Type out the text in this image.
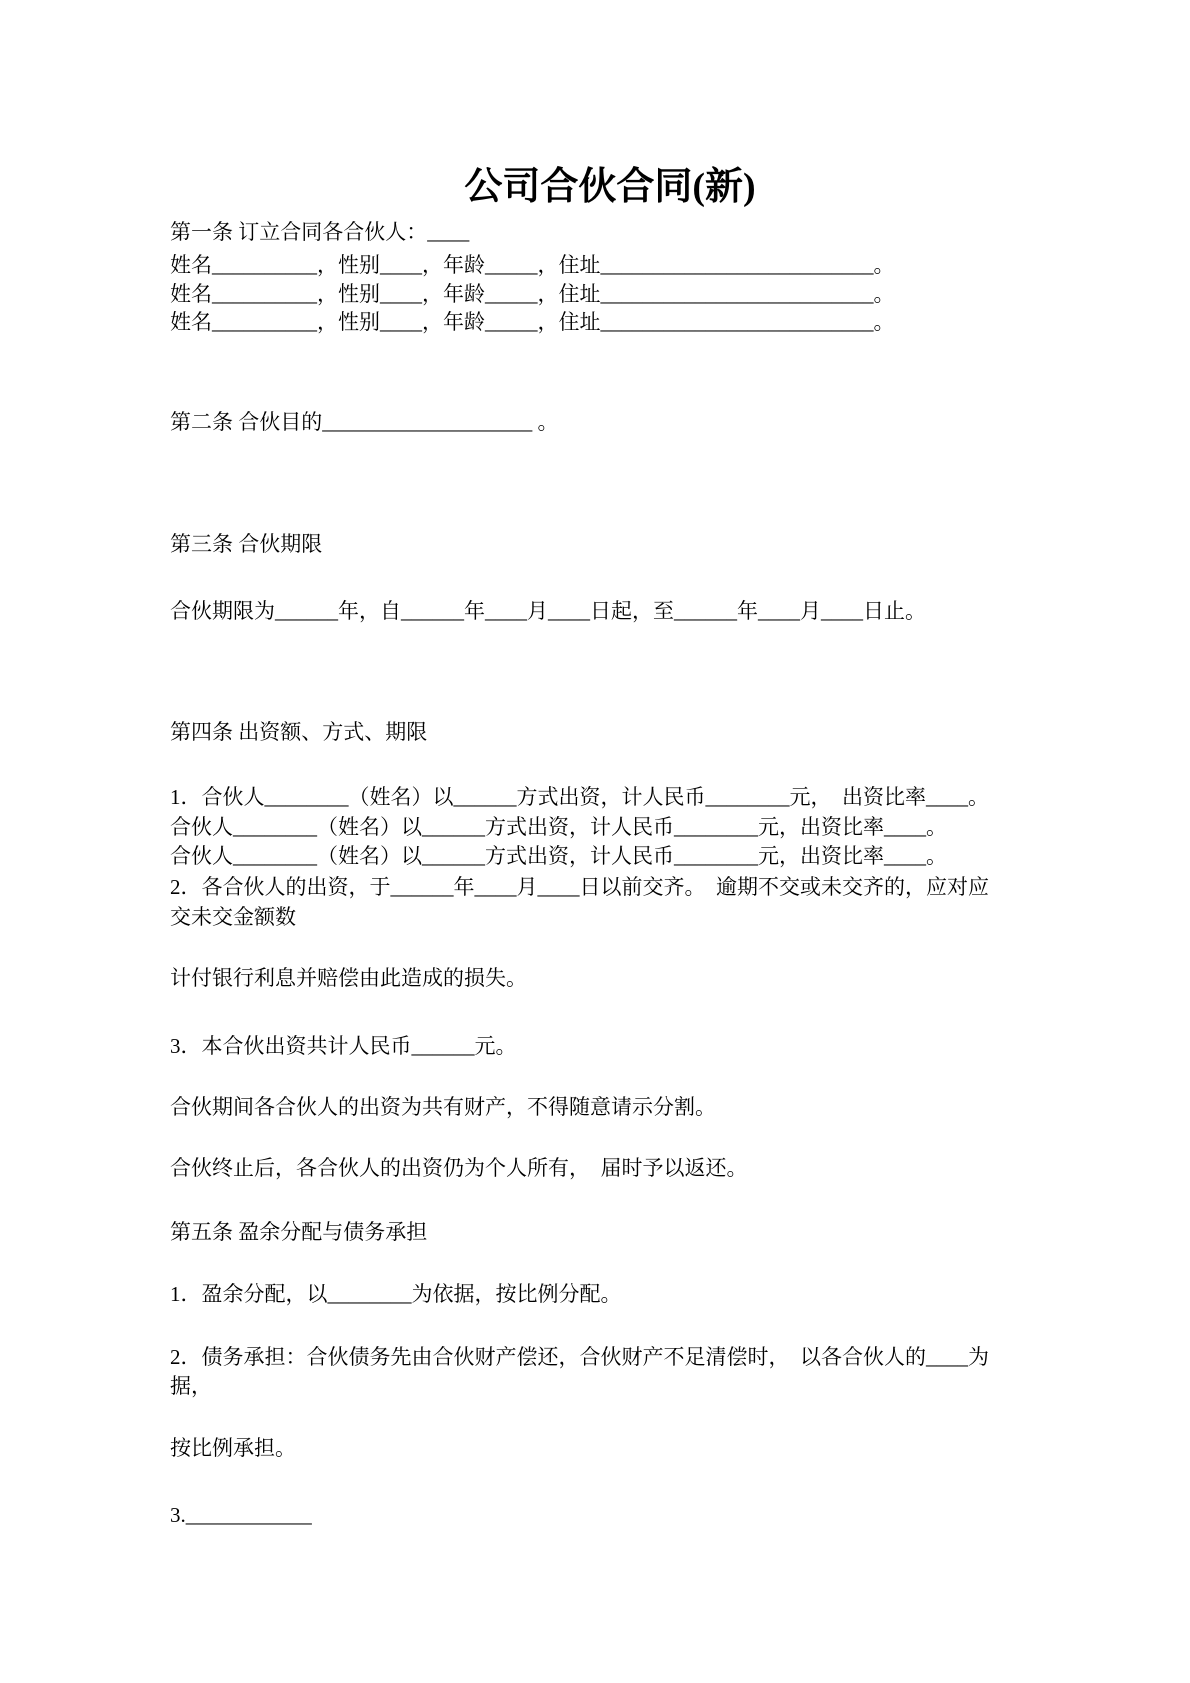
公司合伙合同(新)

第一条 订立合同各合伙人：____

姓名__________，性别____，年龄_____，住址__________________________。

姓名__________，性别____，年龄_____，住址__________________________。

姓名__________，性别____，年龄_____，住址__________________________。

第二条 合伙目的____________________ 。

第三条 合伙期限

合伙期限为______年，自______年____月____日起，至______年____月____日止。

第四条 出资额、方式、期限

1．合伙人________（姓名）以______方式出资，计人民币________元，　出资比率____。

合伙人________（姓名）以______方式出资，计人民币________元，出资比率____。

合伙人________（姓名）以______方式出资，计人民币________元，出资比率____。

2．各合伙人的出资，于______年____月____日以前交齐。　逾期不交或未交齐的，应对应

交未交金额数

计付银行利息并赔偿由此造成的损失。

3．本合伙出资共计人民币______元。

合伙期间各合伙人的出资为共有财产，不得随意请示分割。

合伙终止后，各合伙人的出资仍为个人所有，　届时予以返还。

第五条 盈余分配与债务承担

1．盈余分配，以________为依据，按比例分配。

2．债务承担：合伙债务先由合伙财产偿还，合伙财产不足清偿时，　以各合伙人的____为

据，

按比例承担。

3.____________
